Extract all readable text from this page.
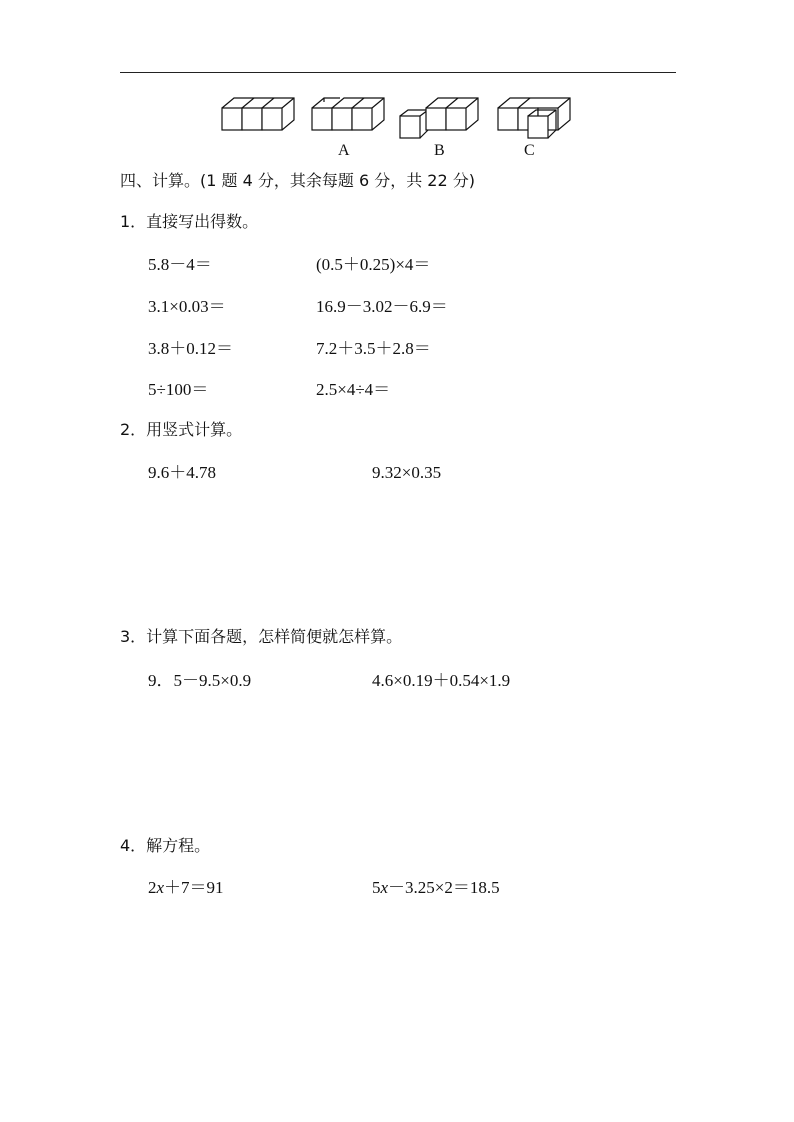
A	B	C
四、计算。(1 题 4 分，其余每题 6 分，共 22 分)
1．直接写出得数。
5.8－4＝	(0.5＋0.25)×4＝
3.1×0.03＝	16.9－3.02－6.9＝
3.8＋0.12＝	7.2＋3.5＋2.8＝
5÷100＝	2.5×4÷4＝
2．用竖式计算。
9.6＋4.78	9.32×0.35
3．计算下面各题，怎样简便就怎样算。
9．5－9.5×0.9	4.6×0.19＋0.54×1.9
4．解方程。
2x＋7＝91	5x－3.25×2＝18.5
